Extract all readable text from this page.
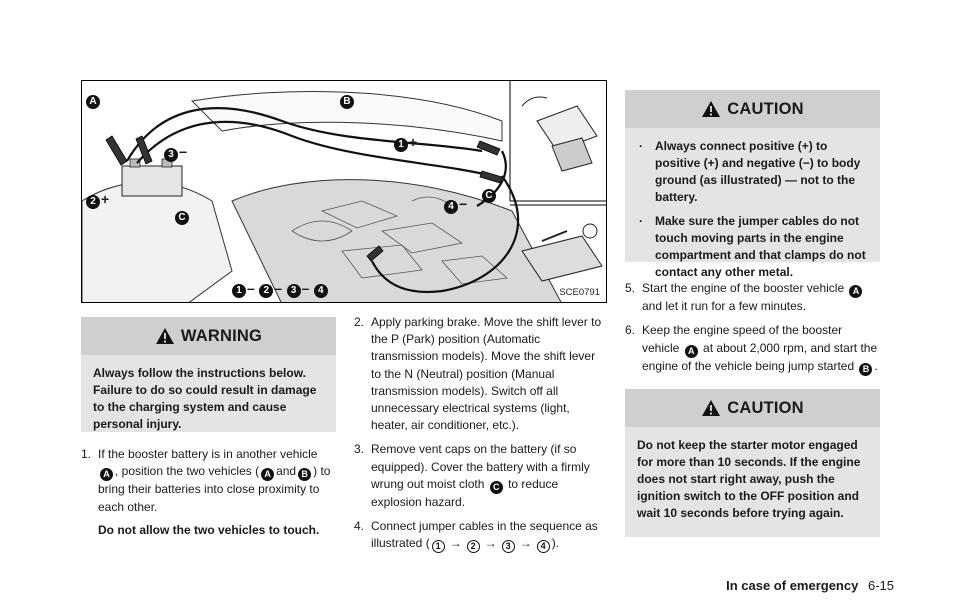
A	B
1 +
3 −
2 +
C
C
4 −
1 – 2 – 3 – 4	SCE0791
WARNING
Always follow the instructions below. Failure to do so could result in damage to the charging system and cause personal injury.
1. If the booster battery is in another vehicle A , position the two vehicles ( A and B ) to bring their batteries into close proximity to each other.
Do not allow the two vehicles to touch.
2. Apply parking brake. Move the shift lever to the P (Park) position (Automatic transmission models). Move the shift lever to the N (Neutral) position (Manual transmission models). Switch off all unnecessary electrical systems (light, heater, air conditioner, etc.).
3. Remove vent caps on the battery (if so equipped). Cover the battery with a firmly wrung out moist cloth C to reduce explosion hazard.
4. Connect jumper cables in the sequence as illustrated ( 1 → 2 → 3 → 4 ).
CAUTION
. Always connect positive (+) to positive (+) and negative (−) to body ground (as illustrated) — not to the battery.
. Make sure the jumper cables do not touch moving parts in the engine compartment and that clamps do not contact any other metal.
5. Start the engine of the booster vehicle A and let it run for a few minutes.
6. Keep the engine speed of the booster vehicle A at about 2,000 rpm, and start the engine of the vehicle being jump started B .
CAUTION
Do not keep the starter motor engaged for more than 10 seconds. If the engine does not start right away, push the ignition switch to the OFF position and wait 10 seconds before trying again.
In case of emergency 6-15
